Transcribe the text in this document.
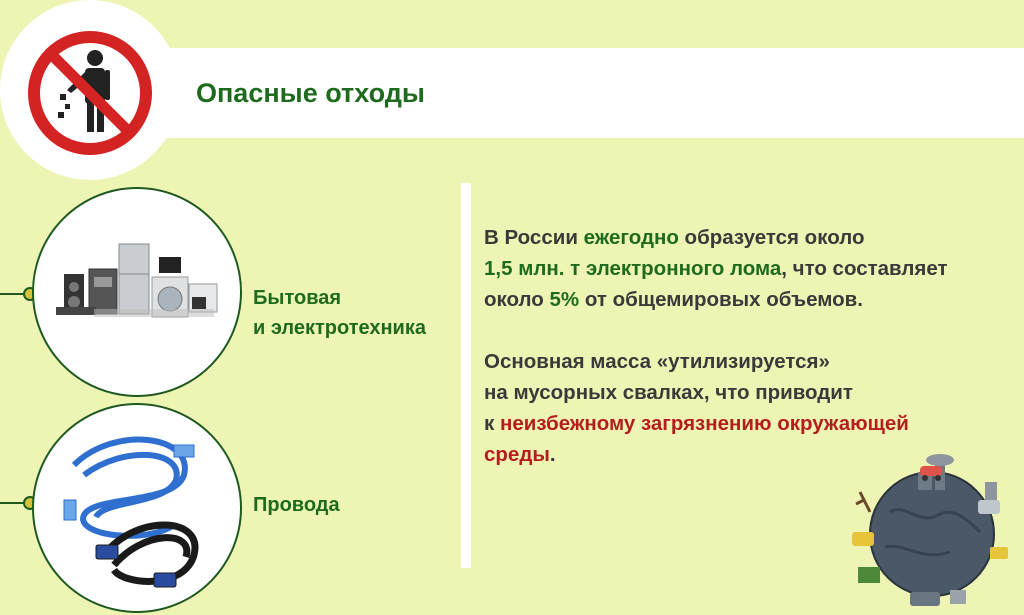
Опасные отходы
Бытовая
и электротехника
Провода

В России ежегодно образуется около

1,5 млн. т электронного лома, что составляет

около 5% от общемировых объемов.

Основная масса «утилизируется»

на мусорных свалках, что приводит

к неизбежному загрязнению окружающей

среды.
